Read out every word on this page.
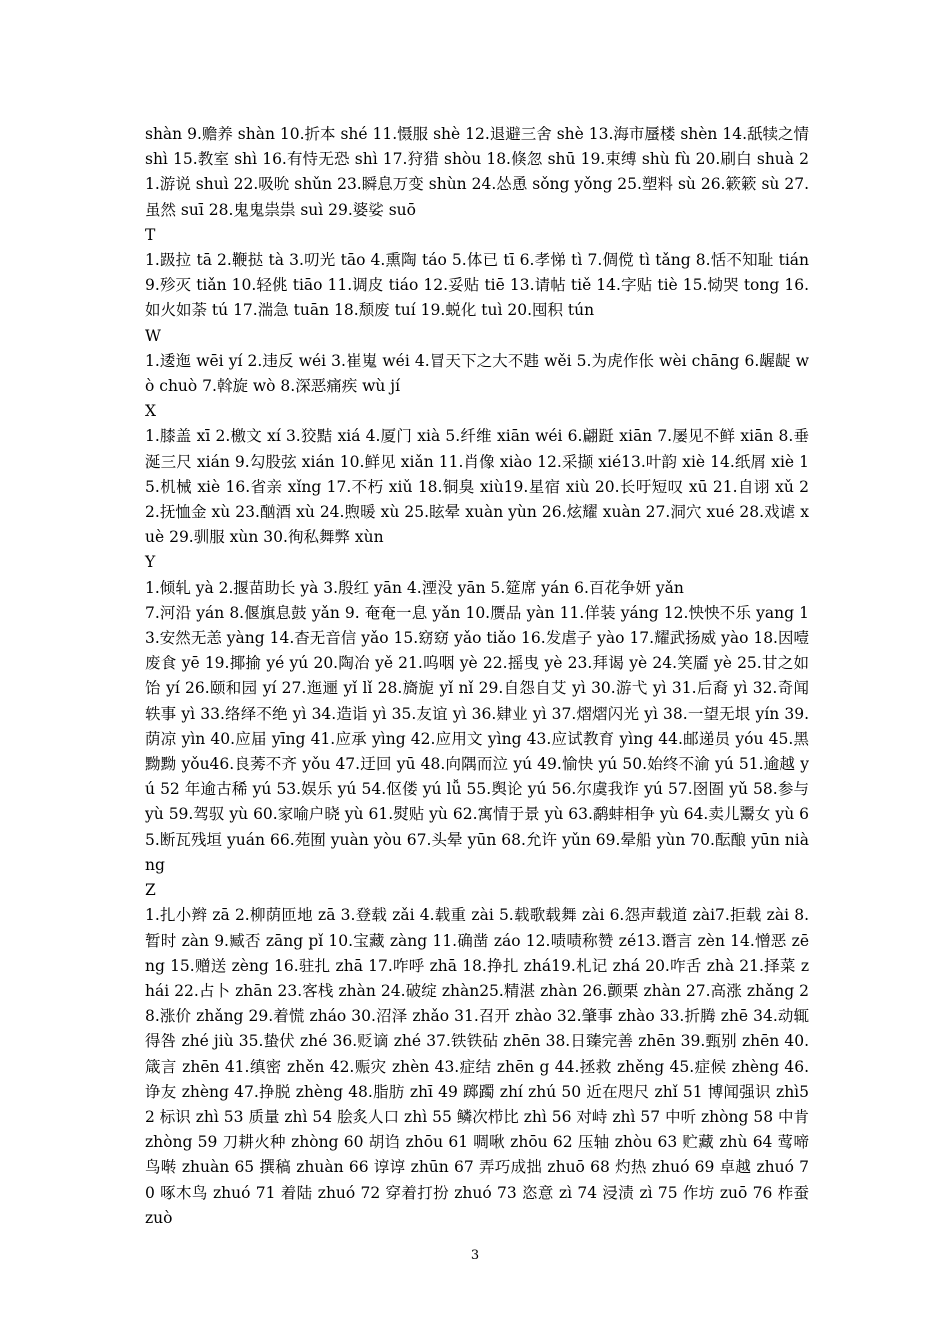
shàn 9.赡养 shàn 10.折本 shé 11.慑服 shè 12.退避三舍 shè 13.海市蜃楼 shèn 14.舐犊之情 shì 15.教室 shì 16.有恃无恐 shì 17.狩猎 shòu 18.倏忽 shū 19.束缚 shù fù 20.刷白 shuà 21.游说 shuì 22.吸吮 shǔn 23.瞬息万变 shùn 24.怂恿 sǒng yǒng 25.塑料 sù 26.簌簌 sù 27.虽然 suī 28.鬼鬼祟祟 suì 29.婆娑 suō

T

1.趿拉 tā 2.鞭挞 tà 3.叨光 tāo 4.熏陶 táo 5.体已 tī 6.孝悌 tì 7.倜傥 tì tǎng 8.恬不知耻 tián 9.殄灭 tiǎn 10.轻佻 tiāo 11.调皮 tiáo 12.妥贴 tiē 13.请帖 tiě 14.字贴 tiè 15.恸哭 tong 16.如火如荼 tú 17.湍急 tuān 18.颓废 tuí 19.蜕化 tuì 20.囤积 tún

W

1.逶迤 wēi yí 2.违反 wéi 3.崔嵬 wéi 4.冒天下之大不韪 wěi 5.为虎作伥 wèi chāng 6.龌龊 wò chuò 7.斡旋 wò 8.深恶痛疾 wù jí

X

1.膝盖 xī 2.檄文 xí 3.狡黠 xiá 4.厦门 xià 5.纤维 xiān wéi 6.翩跹 xiān 7.屡见不鲜 xiān 8.垂涎三尺 xián 9.勾股弦 xián 10.鲜见 xiǎn 11.肖像 xiào 12.采撷 xié13.叶韵 xiè 14.纸屑 xiè 15.机械 xiè 16.省亲 xǐng 17.不朽 xiǔ 18.铜臭 xiù19.星宿 xiù 20.长吁短叹 xū 21.自诩 xǔ 22.抚恤金 xù 23.酗酒 xù 24.煦暖 xù 25.眩晕 xuàn yùn 26.炫耀 xuàn 27.洞穴 xué 28.戏谑 xuè 29.驯服 xùn 30.徇私舞弊 xùn

Y

1.倾轧 yà 2.揠苗助长 yà 3.殷红 yān 4.湮没 yān 5.筵席 yán 6.百花争妍 yǎn

7.河沿 yán 8.偃旗息鼓 yǎn 9. 奄奄一息 yǎn 10.赝品 yàn 11.佯装 yáng 12.怏怏不乐 yang 13.安然无恙 yàng 14.杳无音信 yǎo 15.窈窈 yǎo tiǎo 16.发虐子 yào 17.耀武扬威 yào 18.因噎废食 yē 19.揶揄 yé yú 20.陶冶 yě 21.呜咽 yè 22.摇曳 yè 23.拜谒 yè 24.笑靥 yè 25.甘之如饴 yí 26.颐和园 yí 27.迤逦 yǐ lǐ 28.旖旎 yǐ nǐ 29.自怨自艾 yì 30.游弋 yì 31.后裔 yì 32.奇闻轶事 yì 33.络绎不绝 yì 34.造诣 yì 35.友谊 yì 36.肄业 yì 37.熠熠闪光 yì 38.一望无垠 yín 39.荫凉 yìn 40.应届 yīng 41.应承 yìng 42.应用文 yìng 43.应试教育 yìng 44.邮递员 yóu 45.黑黝黝 yǒu46.良莠不齐 yǒu 47.迂回 yū 48.向隅而泣 yú 49.愉快 yú 50.始终不渝 yú 51.逾越 yú 52 年逾古稀 yú 53.娱乐 yú 54.伛偻 yú lǚ 55.舆论 yú 56.尔虞我诈 yú 57.囹圄 yǔ 58.参与 yù 59.驾驭 yù 60.家喻户晓 yù 61.熨贴 yù 62.寓情于景 yù 63.鹬蚌相争 yù 64.卖儿鬻女 yù 65.断瓦残垣 yuán 66.苑囿 yuàn yòu 67.头晕 yūn 68.允许 yǔn 69.晕船 yùn 70.酝酿 yūn niàng

Z

1.扎小辫 zā 2.柳荫匝地 zā 3.登载 zǎi 4.载重 zài 5.载歌载舞 zài 6.怨声载道 zài7.拒载 zài 8.暂时 zàn 9.臧否 zāng pǐ 10.宝藏 zàng 11.确凿 záo 12.啧啧称赞 zé13.谮言 zèn 14.憎恶 zēng 15.赠送 zèng 16.驻扎 zhā 17.咋呼 zhā 18.挣扎 zhá19.札记 zhá 20.咋舌 zhà 21.择菜 zhái 22.占卜 zhān 23.客栈 zhàn 24.破绽 zhàn25.精湛 zhàn 26.颤栗 zhàn 27.高涨 zhǎng 28.涨价 zhǎng 29.着慌 zháo 30.沼泽 zhǎo 31.召开 zhào 32.肇事 zhào 33.折腾 zhē 34.动辄得咎 zhé jiù 35.蛰伏 zhé 36.贬谪 zhé 37.铁铁砧 zhēn 38.日臻完善 zhēn 39.甄别 zhēn 40.箴言 zhēn 41.缜密 zhěn 42.赈灾 zhèn 43.症结 zhēn g 44.拯救 zhěng 45.症候 zhèng 46.诤友 zhèng 47.挣脱 zhèng 48.脂肪 zhī 49 踯躅 zhí zhú 50 近在咫尺 zhǐ 51 博闻强识 zhì52 标识 zhì 53 质量 zhì 54 脍炙人口 zhì 55 鳞次栉比 zhì 56 对峙 zhì 57 中听 zhòng 58 中肯 zhòng 59 刀耕火种 zhòng 60 胡诌 zhōu 61 啁啾 zhōu 62 压轴 zhòu 63 贮藏 zhù 64 莺啼鸟啭 zhuàn 65 撰稿 zhuàn 66 谆谆 zhūn 67 弄巧成拙 zhuō 68 灼热 zhuó 69 卓越 zhuó 70 啄木鸟 zhuó 71 着陆 zhuó 72 穿着打扮 zhuó 73 恣意 zì 74 浸渍 zì 75 作坊 zuō 76 柞蚕 zuò

3
